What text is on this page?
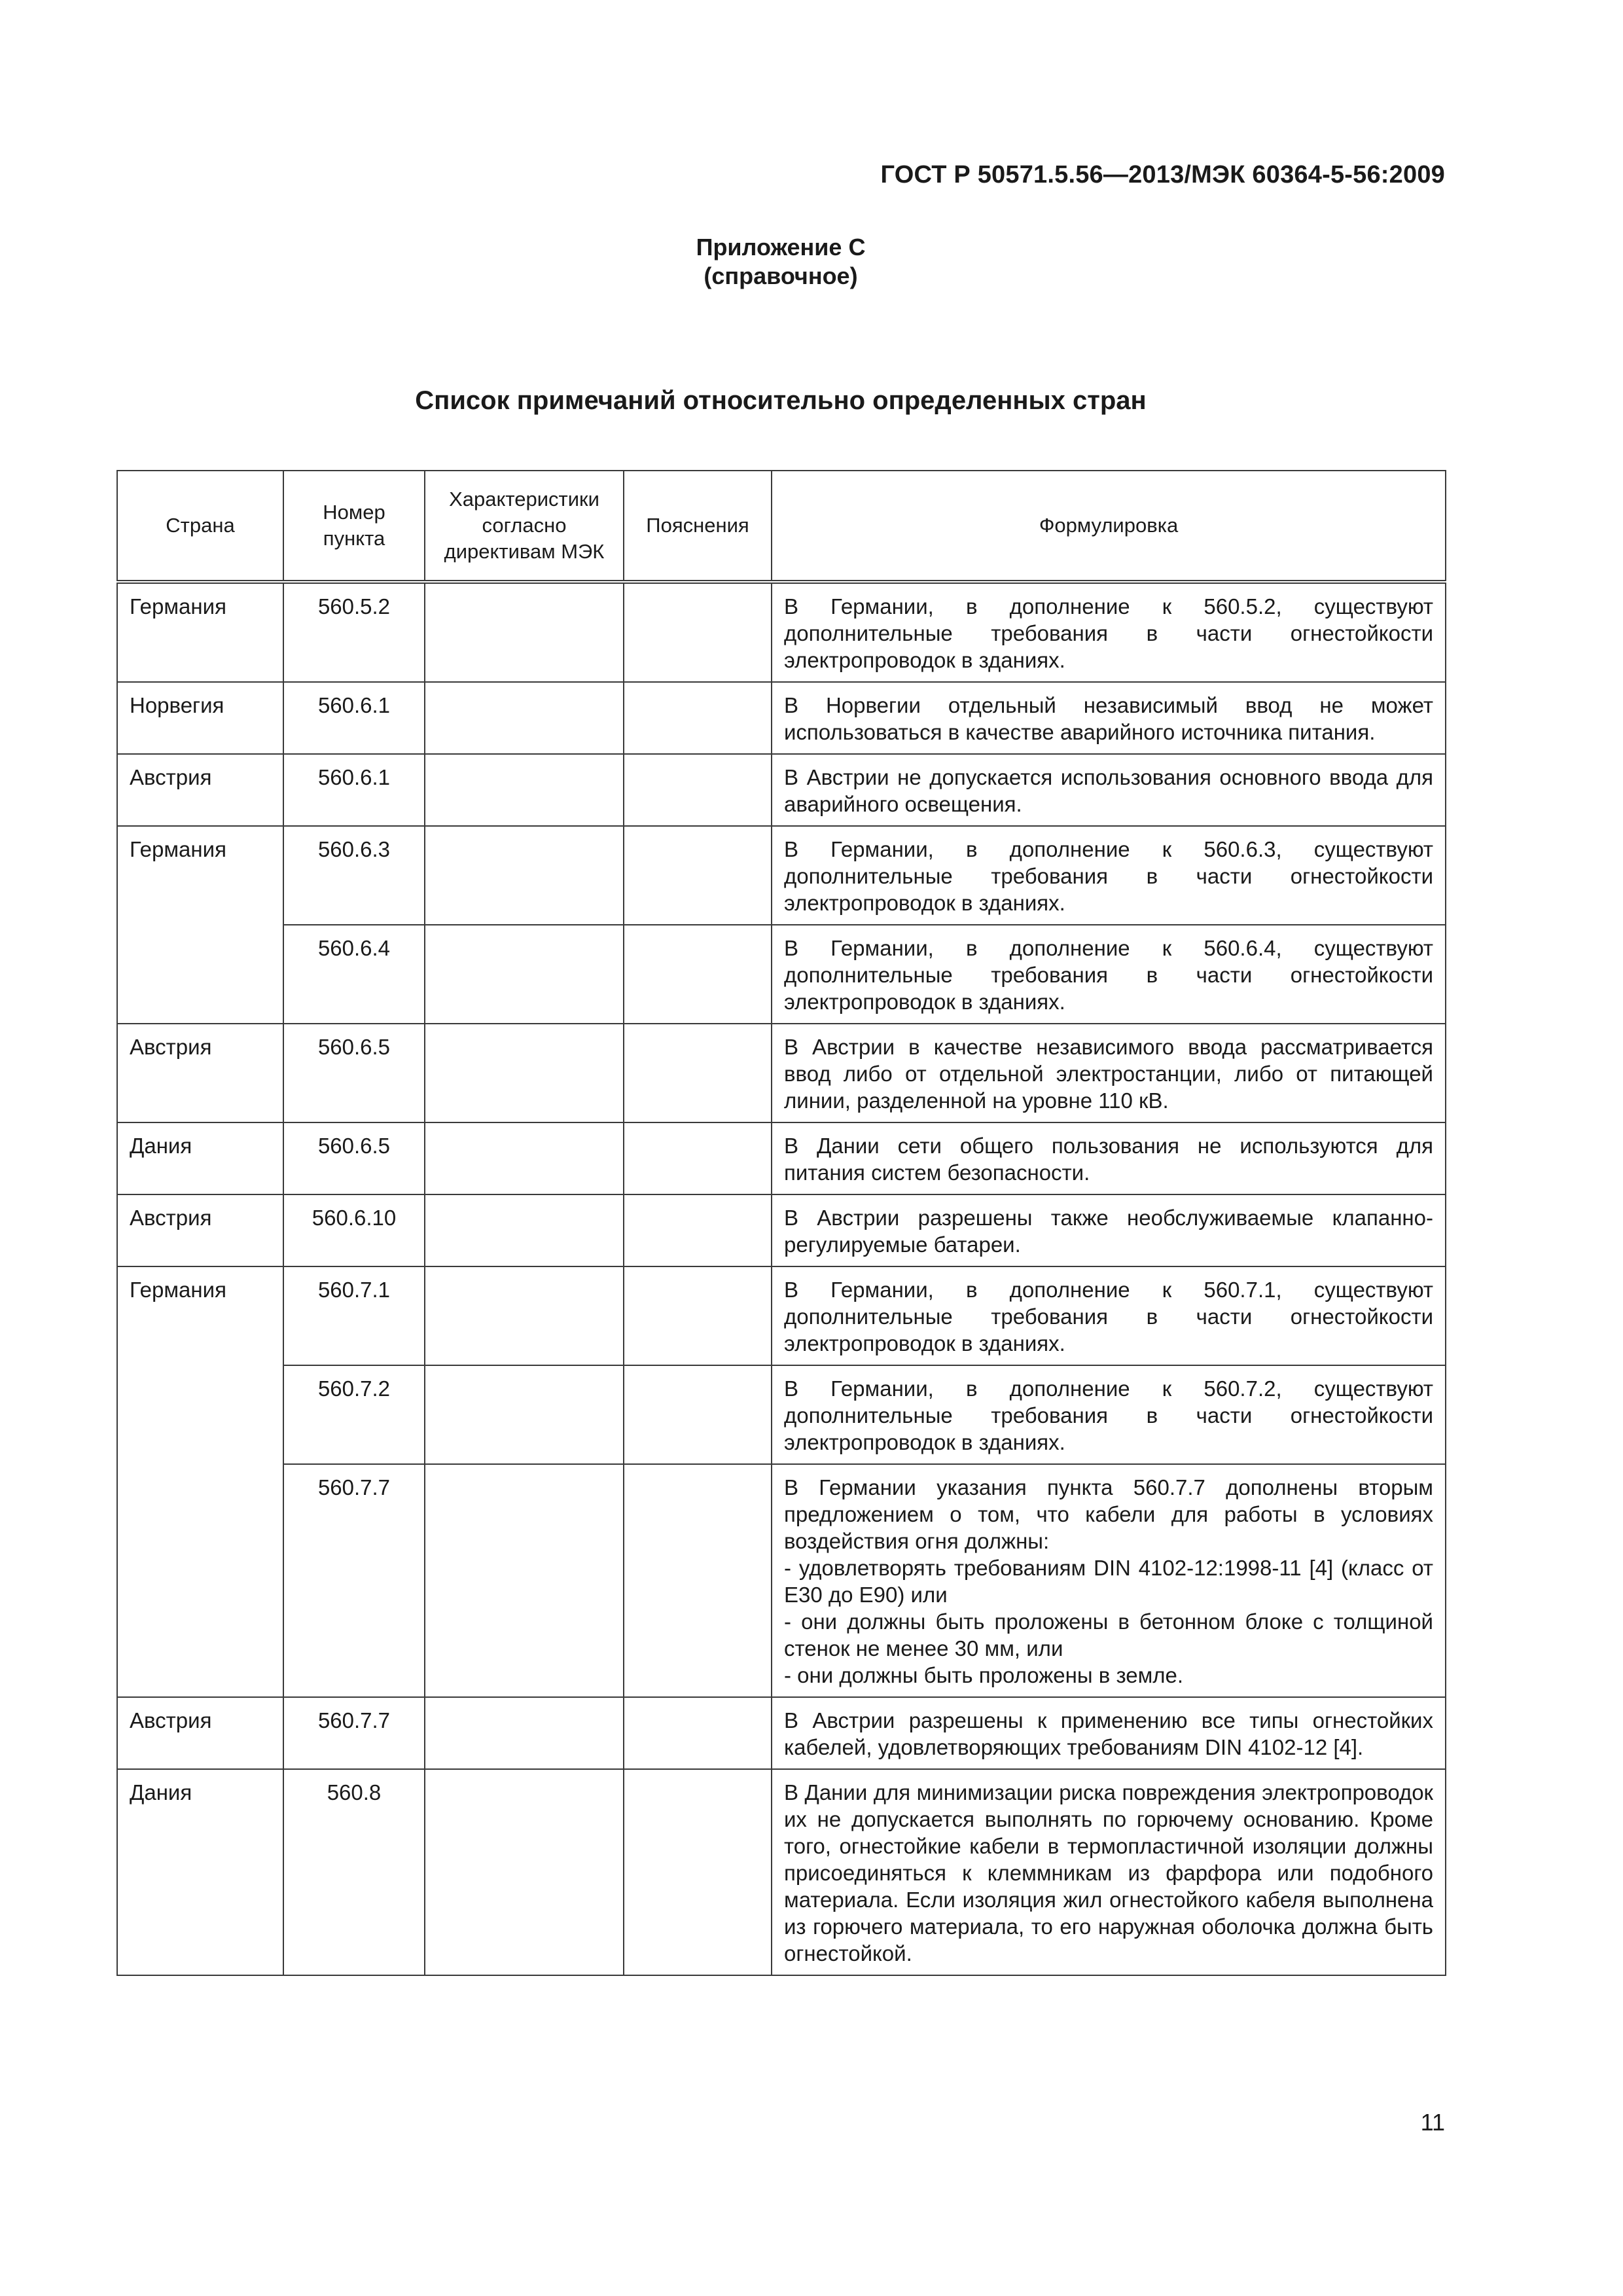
ГОСТ Р 50571.5.56—2013/МЭК 60364-5-56:2009
Приложение С
(справочное)
Список примечаний относительно определенных стран
Страна	Номер пункта	Характеристики согласно директивам МЭК	Пояснения	Формулировка
Германия	560.5.2			В Германии, в дополнение к 560.5.2, существуют дополнительные требования в части огнестойкости электропроводок в зданиях.
Норвегия	560.6.1			В Норвегии отдельный независимый ввод не может использоваться в качестве аварийного источника питания.
Австрия	560.6.1			В Австрии не допускается использования основного ввода для аварийного освещения.
Германия	560.6.3			В Германии, в дополнение к 560.6.3, существуют дополнительные требования в части огнестойкости электропроводок в зданиях.
	560.6.4			В Германии, в дополнение к 560.6.4, существуют дополнительные требования в части огнестойкости электропроводок в зданиях.
Австрия	560.6.5			В Австрии в качестве независимого ввода рассматривается ввод либо от отдельной электростанции, либо от питающей линии, разделенной на уровне 110 кВ.
Дания	560.6.5			В Дании сети общего пользования не используются для питания систем безопасности.
Австрия	560.6.10			В Австрии разрешены также необслуживаемые клапанно-регулируемые батареи.
Германия	560.7.1			В Германии, в дополнение к 560.7.1, существуют дополнительные требования в части огнестойкости электропроводок в зданиях.
	560.7.2			В Германии, в дополнение к 560.7.2, существуют дополнительные требования в части огнестойкости электропроводок в зданиях.
	560.7.7			В Германии указания пункта 560.7.7 дополнены вторым предложением о том, что кабели для работы в условиях воздействия огня должны:
- удовлетворять требованиям DIN 4102-12:1998-11 [4] (класс от Е30 до Е90) или
- они должны быть проложены в бетонном блоке с толщиной стенок не менее 30 мм, или
- они должны быть проложены в земле.

Австрия	560.7.7			В Австрии разрешены к применению все типы огнестойких кабелей, удовлетворяющих требованиям DIN 4102-12 [4].
Дания	560.8			В Дании для минимизации риска повреждения электропроводок их не допускается выполнять по горючему основанию. Кроме того, огнестойкие кабели в термопластичной изоляции должны присоединяться к клеммникам из фарфора или подобного материала. Если изоляция жил огнестойкого кабеля выполнена из горючего материала, то его наружная оболочка должна быть огнестойкой.
11
